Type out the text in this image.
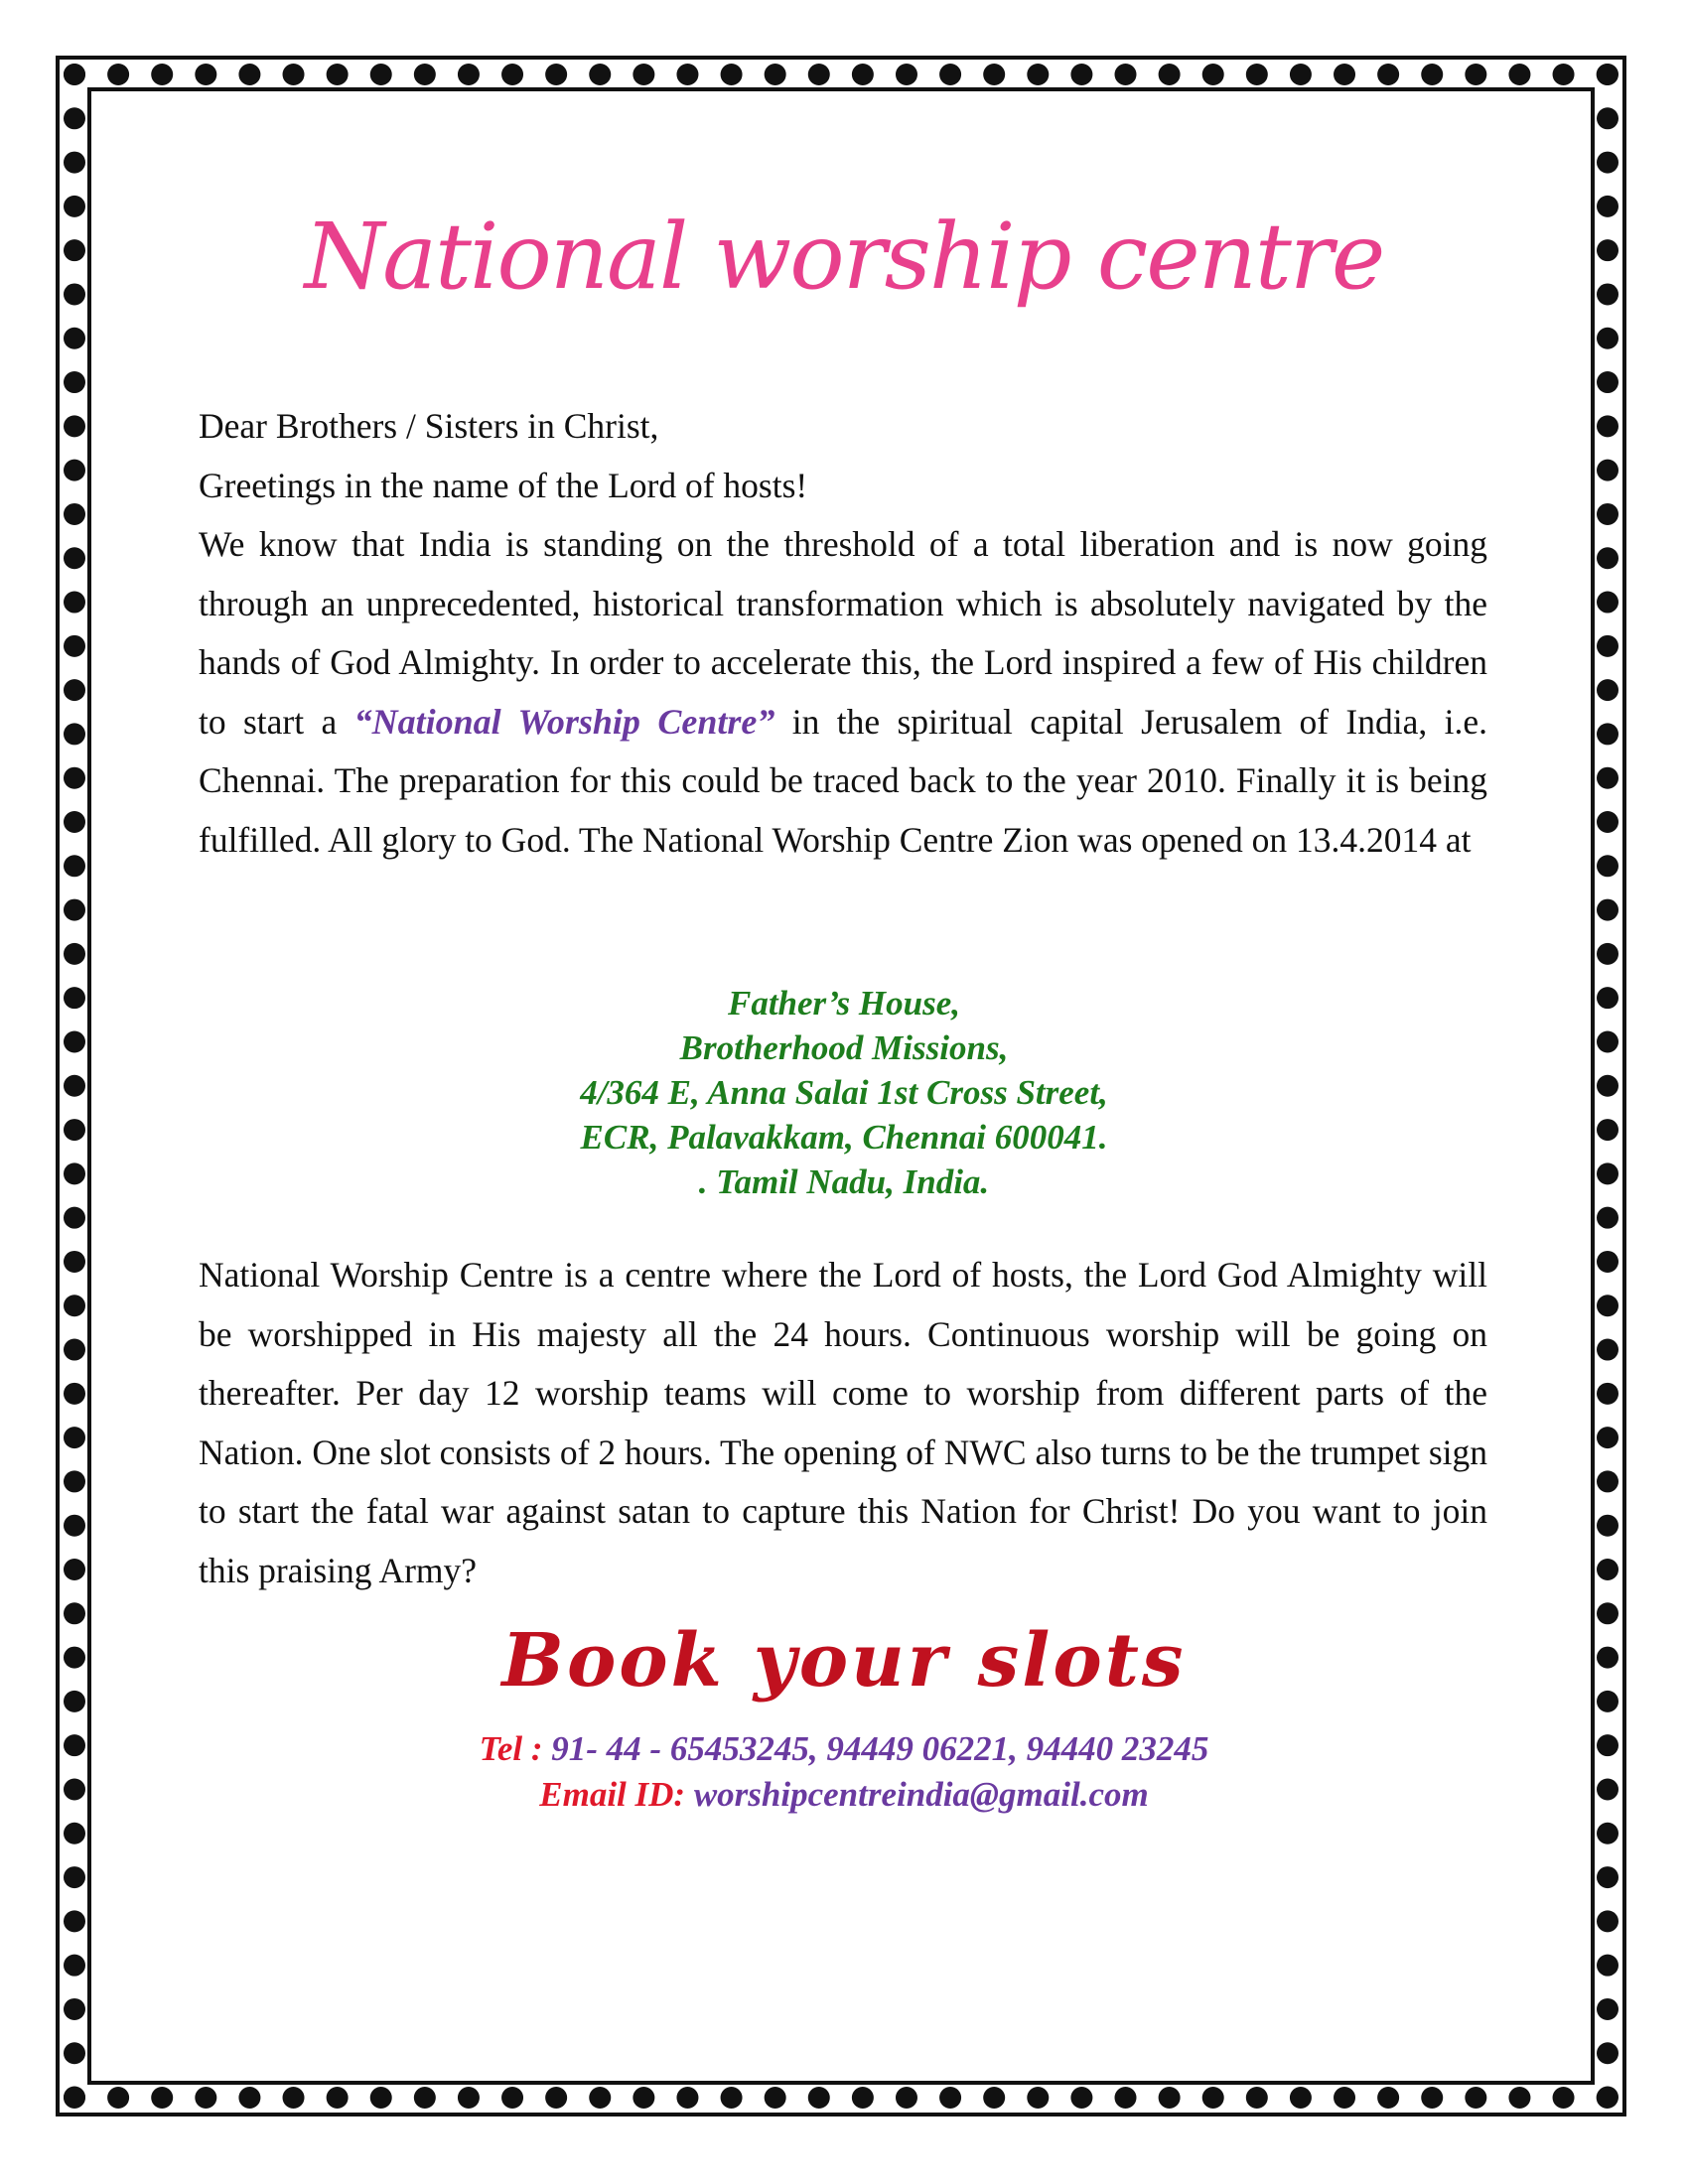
National worship centre

Dear Brothers / Sisters in Christ,

Greetings in the name of the Lord of hosts!

We know that India is standing on the threshold of a total liberation and is now going through an unprecedented, historical transformation which is absolutely navigated by the hands of God Almighty. In order to accelerate this, the Lord inspired a few of His children to start a “National Worship Centre” in the spiritual capital Jerusalem of India, i.e. Chennai. The preparation for this could be traced back to the year 2010. Finally it is being fulfilled. All glory to God. The National Worship Centre Zion was opened on 13.4.2014 at

Father’s House,
Brotherhood Missions,
4/364 E, Anna Salai 1st Cross Street,
ECR, Palavakkam, Chennai 600041.
. Tamil Nadu, India.
National Worship Centre is a centre where the Lord of hosts, the Lord God Almighty will be worshipped in His majesty all the 24 hours. Continuous worship will be going on thereafter. Per day 12 worship teams will come to worship from different parts of the Nation. One slot consists of 2 hours. The opening of NWC also turns to be the trumpet sign to start the fatal war against satan to capture this Nation for Christ! Do you want to join this praising Army?
Book your slots
Tel : 91- 44 - 65453245, 94449 06221, 94440 23245
Email ID: worshipcentreindia@gmail.com
